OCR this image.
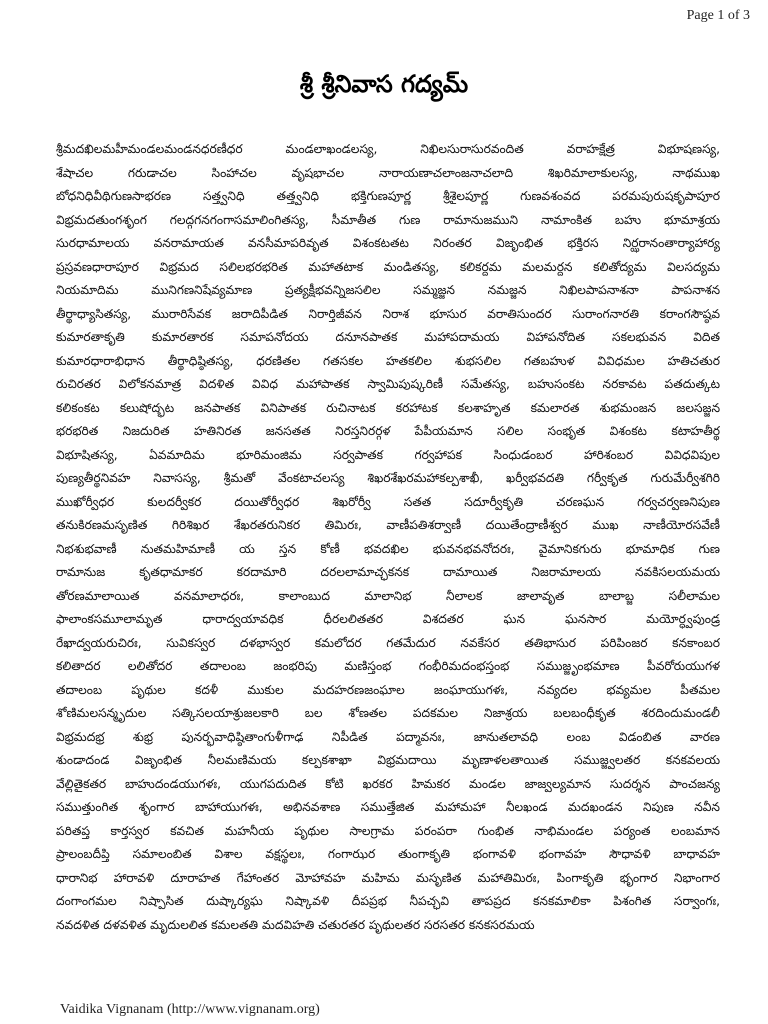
Page 1 of 3
శ్రీ శ్రీనివాస గద్యమ్
శ్రీమదఖిలమహీమండలమండనధరణీధర మండలాఖండలస్య, నిఖిలసురాసురవందిత వరాహక్షేత్ర విభూషణస్య,
శేషాచల గరుడాచల సింహాచల వృషభాచల నారాయణాచలాంజనాచలాది శిఖరిమాలాకులస్య, నాథముఖ
బోధనిధివీథిగుణసాభరణ సత్త్వనిధి తత్త్వనిధి భక్తిగుణపూర్ణ శ్రీశైలపూర్ణ గుణవశంవద పరమపురుషకృపాపూర
విభ్రమదతుంగశృంగ గలద్గగనగంగాసమాలింగితస్య, సీమాతీత గుణ రామానుజముని నామాంకిత బహు భూమాశ్రయ
సురధామాలయ వనరామాయత వనసీమాపరివృత విశంకటతట నిరంతర విజృంభిత భక్తిరస నిర్ఝరానంతార్యాహార్య
ప్రస్రవణధారాపూర విభ్రమద సలిలభరభరిత మహాతటాక మండితస్య, కలికర్దమ మలమర్దన కలితోద్యమ విలసద్యమ
నియమాదిమ మునిగణనిషేవ్యమాణ ప్రత్యక్షీభవన్నిజసలిల సమ్మజ్జన నమజ్జన నిఖిలపాపనాశనా పాపనాశన
తీర్థాధ్యాసితస్య, మురారిసేవక జరాదిపీడిత నిరార్తిజీవన నిరాశ భూసుర వరాతిసుందర సురాంగనారతి కరాంగసౌష్ఠవ
కుమారతాకృతి కుమారతారక సమాపనోదయ దనూనపాతక మహాపదామయ విహాపనోదిత సకలభువన విదిత
కుమారధారాభిధాన తీర్థాధిష్ఠితస్య, ధరణితల గతసకల హతకలిల శుభసలిల గతబహుళ వివిధమల హతిచతుర
రుచిరతర విలోకనమాత్ర విదళిత వివిధ మహాపాతక స్వామిపుష్కరిణీ సమేతస్య, బహుసంకట నరకావట పతదుత్కట
కలికంకట కలుషోద్భట జనపాతక వినిపాతక రుచినాటక కరహాటక కలశాహృత కమలారత శుభమంజన జలసజ్జన
భరభరిత నిజదురిత హతినిరత జనసతత నిరస్తనిరర్గళ పేపీయమాన సలిల సంభృత విశంకట కటాహతీర్థ
విభూషితస్య, ఏవమాదిమ భూరిమంజిమ సర్వపాతక గర్వహాపక సింధుడంబర హారిశంబర వివిధవిపుల
పుణ్యతీర్థనివహ నివాసస్య, శ్రీమతో వేంకటాచలస్య శిఖరశేఖరమహాకల్పశాఖీ, ఖర్వీభవదతి గర్వీకృత గురుమేర్వీశగిరి
ముఖోర్వీధర కులదర్వీకర దయితోర్వీధర శిఖరోర్వీ సతత సదూర్వీకృతి చరణఘన గర్వచర్వణనిపుణ
తనుకిరణమసృణిత గిరిశిఖర శేఖరతరునికర తిమిరః, వాణీపతిశర్వాణీ దయితేంద్రాణీశ్వర ముఖ నాణీయోరసవేణీ
నిభశుభవాణీ నుతమహిమాణీ య స్తన కోణీ భవదఖిల భువనభవనోదరః, వైమానికగురు భూమాధిక గుణ
రామానుజ కృతధామాకర కరదామారి దరలలామాచ్ఛకనక దామాయిత నిజరామాలయ నవకిసలయమయ
తోరణమాలాయిత వనమాలాధరః, కాలాంబుద మాలానిభ నీలాలక జాలావృత బాలాబ్జ సలీలామల
ఫాలాంకసమూలామృత ధారాద్వయావధిక ధీరలలితతర విశదతర ఘన ఘనసార మయోర్ధ్వపుండ్ర
రేఖాద్వయరుచిరః, సువికస్వర దళభాస్వర కమలోదర గతమేదుర నవకేసర తతిభాసుర పరిపింజర కనకాంబర
కలితాదర లలితోదర తదాలంబ జంభరిపు మణిస్తంభ గంభీరిమదంభస్తంభ సముజ్జృంభమాణ పీవరోరుయుగళ
తదాలంబ పృథుల కదళీ ముకుల మదహరణజంఘాల జంఘాయుగళః, నవ్యదల భవ్యమల పీతమల
శోణిమలసన్మృదుల సత్కిసలయాశ్రుజలకారి బల శోణతల పదకమల నిజాశ్రయ బలబంధీకృత శరదిందుమండలీ
విభ్రమదభ్ర శుభ్ర పునర్భవాధిష్ఠితాంగుళీగాఢ నిపీడిత పద్మావనః, జానుతలావధి లంబ విడంబిత వారణ
శుండాదండ విజృంభిత నీలమణిమయ కల్పకశాఖా విభ్రమదాయి మృణాళలతాయిత సముజ్జ్వలతర కనకవలయ
వేల్లితైకతర బాహుదండయుగళః, యుగపదుదిత కోటి ఖరకర హిమకర మండల జాజ్వల్యమాన సుదర్శన పాంచజన్య
సముత్తుంగిత శృంగార బాహాయుగళః, అభినవశాణ సముత్తేజిత మహామహా నీలఖండ మదఖండన నిపుణ నవీన
పరితప్త కార్తస్వర కవచిత మహనీయ పృథుల సాలగ్రామ పరంపరా గుంభిత నాభిమండల పర్యంత లంబమాన
ప్రాలంబదీప్తి సమాలంబిత విశాల వక్షస్థలః, గంగాఝర తుంగాకృతి భంగావళి భంగావహ సౌధావళి బాధావహ
ధారానిభ హారావళి దూరాహత గేహాంతర మోహావహ మహిమ మసృణిత మహాతిమిరః, పింగాకృతి భృంగార నిభాంగార
దంగాంగమల నిష్పాసిత దుష్కార్యఘ నిష్కావళి దీపప్రభ నీపచ్ఛవి తాపప్రద కనకమాలికా పిశంగిత సర్వాంగః,
నవదళిత దళవళిత మృదులలిత కమలతతి మదవిహతి చతురతర పృథులతర సరసతర కనకసరమయ
Vaidika Vignanam (http://www.vignanam.org)
